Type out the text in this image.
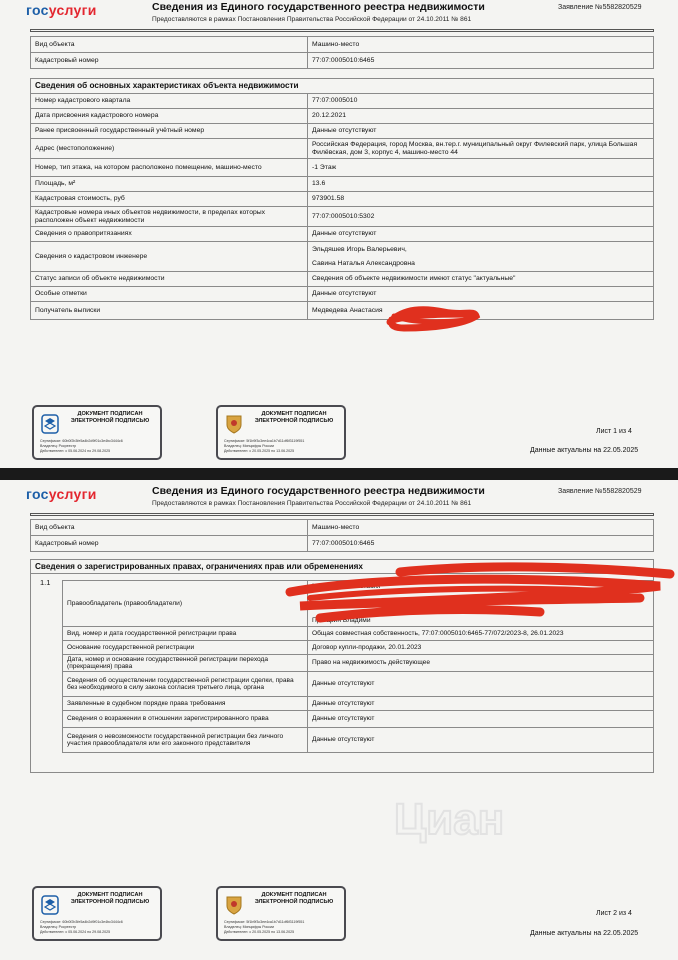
госуслуги	Сведения из Единого государственного реестра недвижимости
Предоставляются в рамках Постановления Правительства Российской Федерации от 24.10.2011 № 861
Заявление №5582820529
Вид объекта	Машино-место
Кадастровый номер	77:07:0005010:6465
Сведения об основных характеристиках объекта недвижимости
Номер кадастрового квартала	77:07:0005010
Дата присвоения кадастрового номера	20.12.2021
Ранее присвоенный государственный учётный номер	Данные отсутствуют
Адрес (местоположение)	Российская Федерация, город Москва, вн.тер.г. муниципальный округ Филевский парк, улица Большая Филёвская, дом 3, корпус 4, машино-место 44
Номер, тип этажа, на котором расположено помещение, машино-место	-1 Этаж
Площадь, м²	13.6
Кадастровая стоимость, руб	973901.58
Кадастровые номера иных объектов недвижимости, в пределах которых расположен объект недвижимости	77:07:0005010:5302
Сведения о правопритязаниях	Данные отсутствуют
Сведения о кадастровом инженере	Эльдяшев Игорь Валерьевич,
Савина Наталья Александровна

Статус записи об объекте недвижимости	Сведения об объекте недвижимости имеют статус "актуальные"
Особые отметки	Данные отсутствуют
Получатель выписки	Медведева Анастасия
ДОКУМЕНТ ПОДПИСАН ЭЛЕКТРОННОЙ ПОДПИСЬЮ
Сертификат: 60b0f2b3fe5a4b2d9f01c3e4bc3444c6
Владелец: Росреестр
Действителен: с 05.06.2024 по 29.08.2025
ДОКУМЕНТ ПОДПИСАН ЭЛЕКТРОННОЙ ПОДПИСЬЮ
Сертификат: 5f1b9f3c3ee4ca1b7d11df6f3119f551
Владелец: Минцифры России
Действителен: с 20.05.2025 по 13.06.2025
Лист 1 из 4
Данные актуальны на 22.05.2025
госуслуги	Сведения из Единого государственного реестра недвижимости
Предоставляются в рамках Постановления Правительства Российской Федерации от 24.10.2011 № 861
Заявление №5582820529
Вид объекта	Машино-место
Кадастровый номер	77:07:0005010:6465
Сведения о зарегистрированных правах, ограничениях прав или обременениях
1.1
Правообладатель (правообладатели)	Медведева Анастасия
Пригарин Владими

Вид, номер и дата государственной регистрации права	Общая совместная собственность, 77:07:0005010:6465-77/072/2023-8, 26.01.2023
Основание государственной регистрации	Договор купли-продажи, 20.01.2023
Дата, номер и основание государственной регистрации перехода (прекращения) права	Право на недвижимость действующее
Сведения об осуществлении государственной регистрации сделки, права без необходимого в силу закона согласия третьего лица, органа	Данные отсутствуют
Заявленные в судебном порядке права требования	Данные отсутствуют
Сведения о возражении в отношении зарегистрированного права	Данные отсутствуют
Сведения о невозможности государственной регистрации без личного участия правообладателя или его законного представителя	Данные отсутствуют
Циан
ДОКУМЕНТ ПОДПИСАН ЭЛЕКТРОННОЙ ПОДПИСЬЮ
Сертификат: 60b0f2b3fe5a4b2d9f01c3e4bc3444c6
Владелец: Росреестр
Действителен: с 05.06.2024 по 29.08.2025
ДОКУМЕНТ ПОДПИСАН ЭЛЕКТРОННОЙ ПОДПИСЬЮ
Сертификат: 5f1b9f3c3ee4ca1b7d11df6f3119f551
Владелец: Минцифры России
Действителен: с 20.05.2025 по 13.06.2025
Лист 2 из 4
Данные актуальны на 22.05.2025
